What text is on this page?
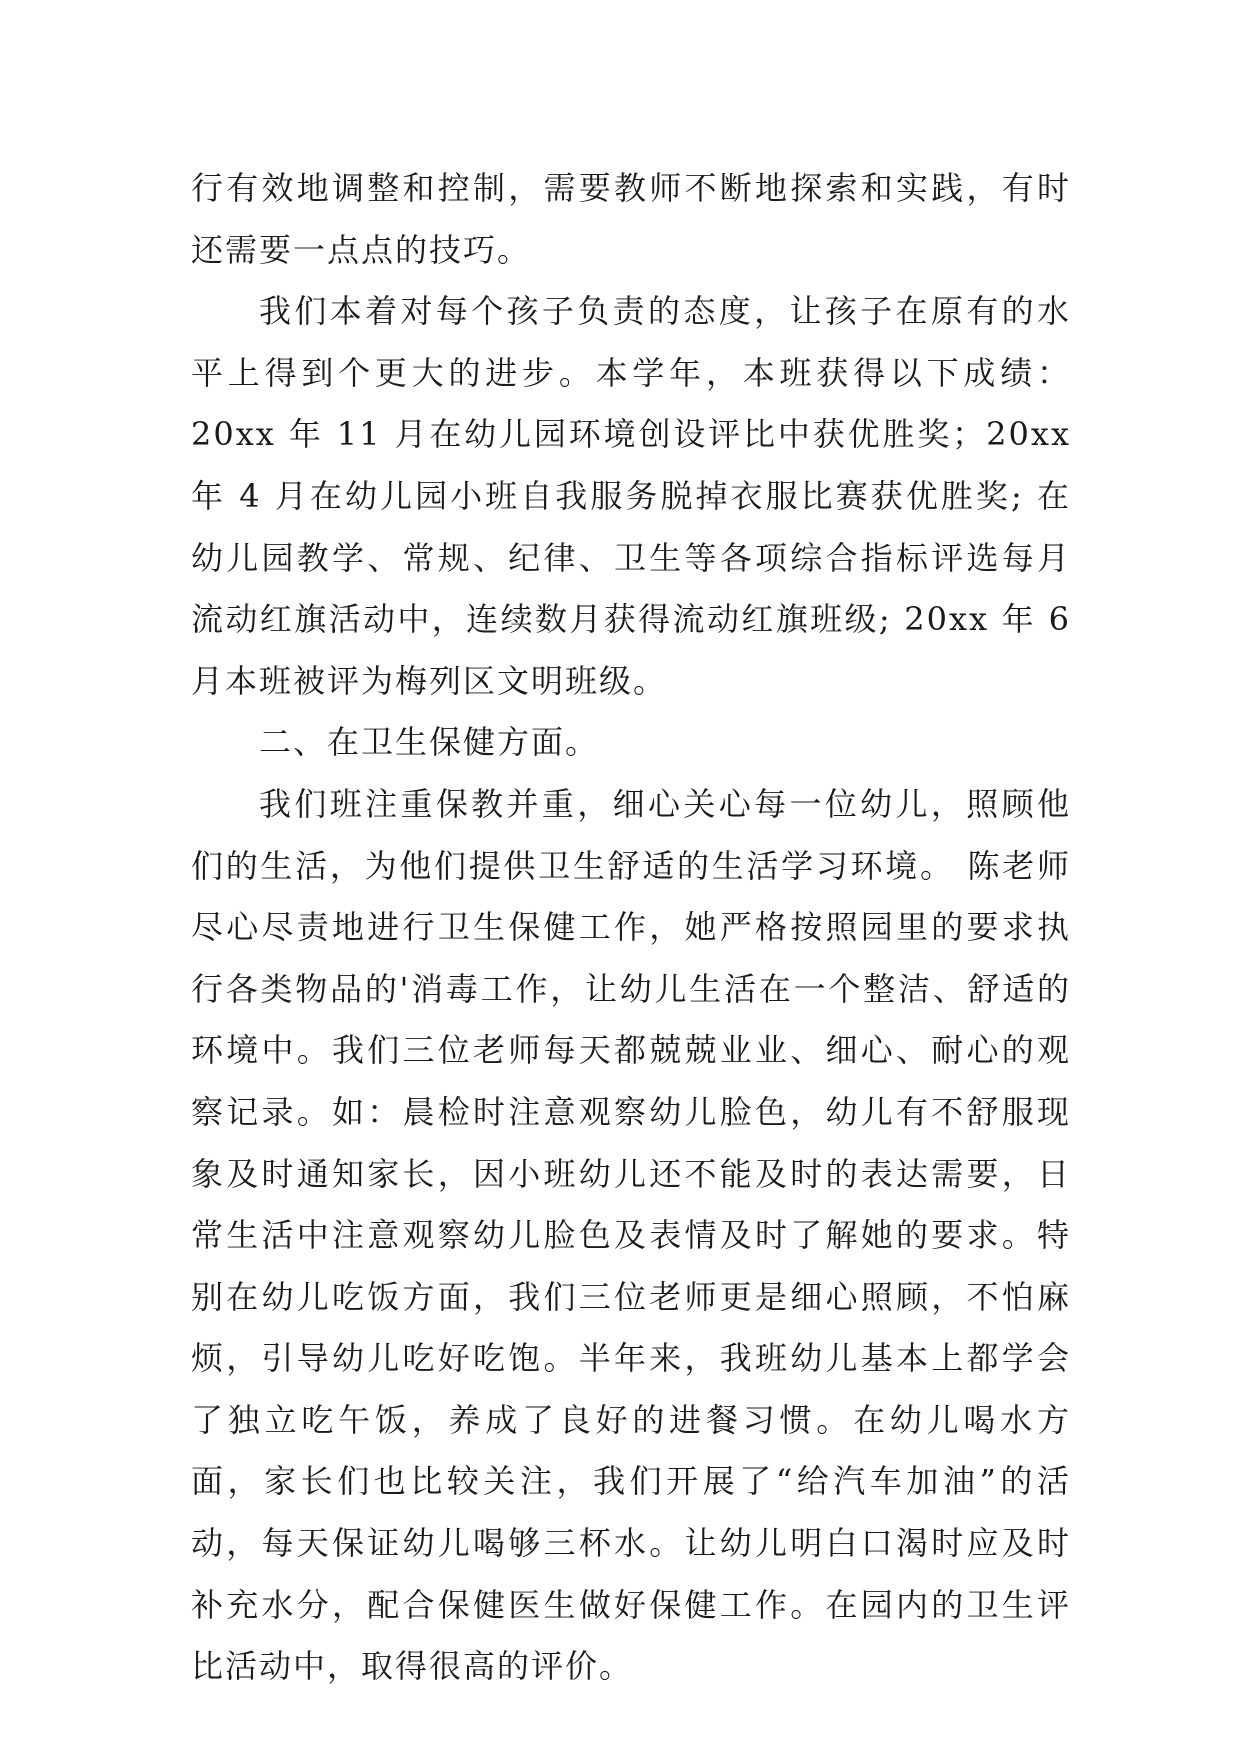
行有效地调整和控制，需要教师不断地探索和实践，有时还需要一点点的技巧。

我们本着对每个孩子负责的态度，让孩子在原有的水平上得到个更大的进步。本学年，本班获得以下成绩：20xx 年 11 月在幼儿园环境创设评比中获优胜奖；20xx 年 4 月在幼儿园小班自我服务脱掉衣服比赛获优胜奖; 在幼儿园教学、常规、纪律、卫生等各项综合指标评选每月流动红旗活动中，连续数月获得流动红旗班级; 20xx 年 6 月本班被评为梅列区文明班级。

二、在卫生保健方面。

我们班注重保教并重，细心关心每一位幼儿，照顾他们的生活，为他们提供卫生舒适的生活学习环境。 陈老师尽心尽责地进行卫生保健工作，她严格按照园里的要求执行各类物品的'消毒工作，让幼儿生活在一个整洁、舒适的环境中。我们三位老师每天都兢兢业业、细心、耐心的观察记录。如：晨检时注意观察幼儿脸色，幼儿有不舒服现象及时通知家长，因小班幼儿还不能及时的表达需要，日常生活中注意观察幼儿脸色及表情及时了解她的要求。特别在幼儿吃饭方面，我们三位老师更是细心照顾，不怕麻烦，引导幼儿吃好吃饱。半年来，我班幼儿基本上都学会了独立吃午饭，养成了良好的进餐习惯。在幼儿喝水方面，家长们也比较关注，我们开展了“给汽车加油”的活动，每天保证幼儿喝够三杯水。让幼儿明白口渴时应及时补充水分，配合保健医生做好保健工作。在园内的卫生评比活动中，取得很高的评价。
